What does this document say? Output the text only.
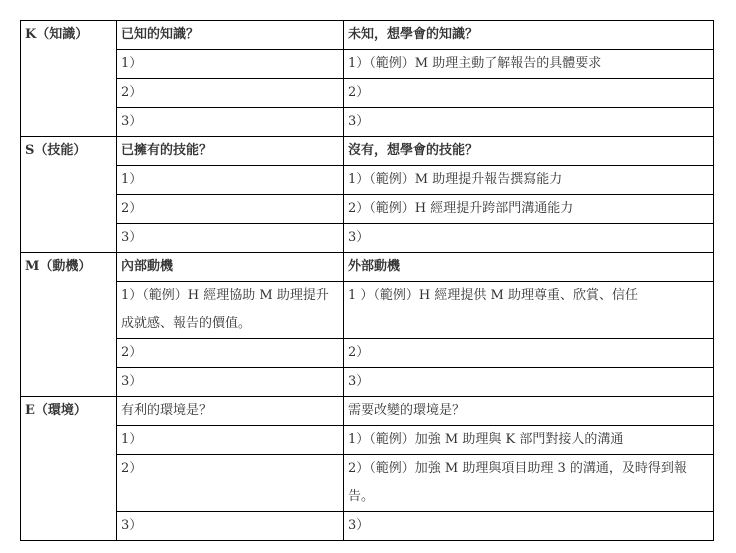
K（知識）	已知的知識？	未知，想學會的知識？
	1）	1）（範例）M 助理主動了解報告的具體要求
	2）	2）
	3）	3）
S（技能）	已擁有的技能？	沒有，想學會的技能？
	1）	1）（範例）M 助理提升報告撰寫能力
	2）	2）（範例）H 經理提升跨部門溝通能力
	3）	3）
M（動機）	內部動機	外部動機
	1）（範例）H 經理協助 M 助理提升成就感、報告的價值。	1 ）（範例）H 經理提供 M 助理尊重、欣賞、信任
	2）	2）
	3）	3）
E（環境）	有利的環境是？	需要改變的環境是？
	1）	1）（範例）加強 M 助理與 K 部門對接人的溝通
	2）	2）（範例）加強 M 助理與項目助理 3 的溝通，及時得到報告。
	3）	3）
